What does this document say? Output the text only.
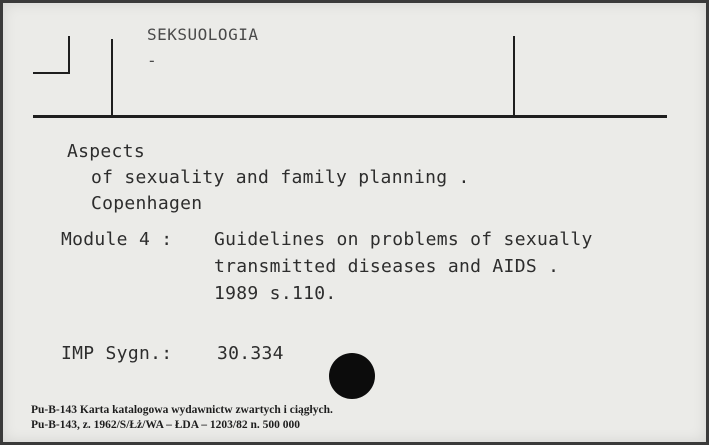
SEKSUOLOGIA
-
Aspects
of sexuality and family planning .
Copenhagen
Module 4 : Guidelines on problems of sexually
transmitted diseases and AIDS .
1989 s.110.
IMP Sygn.: 30.334
Pu-B-143 Karta katalogowa wydawnictw zwartych i ciągłych.
Pu-B-143, z. 1962/S/Łż/WA – ŁDA – 1203/82 n. 500 000
